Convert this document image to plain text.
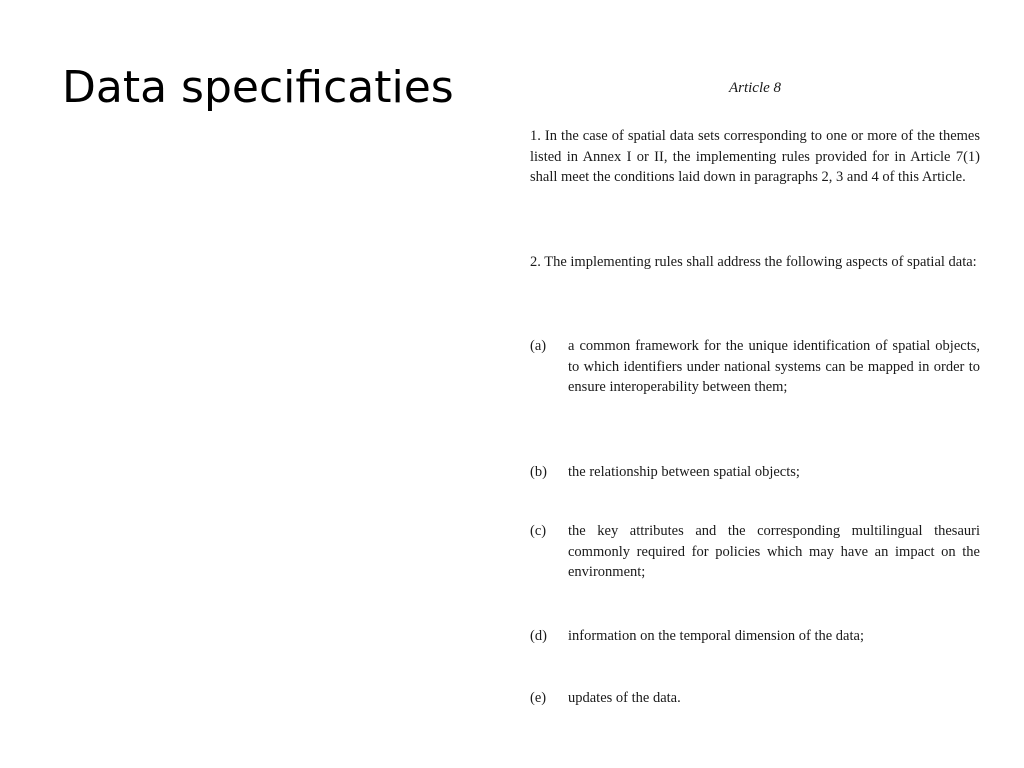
Data specificaties	Article 8

1. In the case of spatial data sets corresponding to one or more of the themes listed in Annex I or II, the implementing rules provided for in Article 7(1) shall meet the conditions laid down in paragraphs 2, 3 and 4 of this Article.

2. The implementing rules shall address the following aspects of spatial data:

(a)	a common framework for the unique identification of spatial objects, to which identifiers under national systems can be mapped in order to ensure interoperability between them;
(b)	the relationship between spatial objects;
(c)	the key attributes and the corresponding multilingual thesauri commonly required for policies which may have an impact on the environment;
(d)	information on the temporal dimension of the data;
(e)	updates of the data.
